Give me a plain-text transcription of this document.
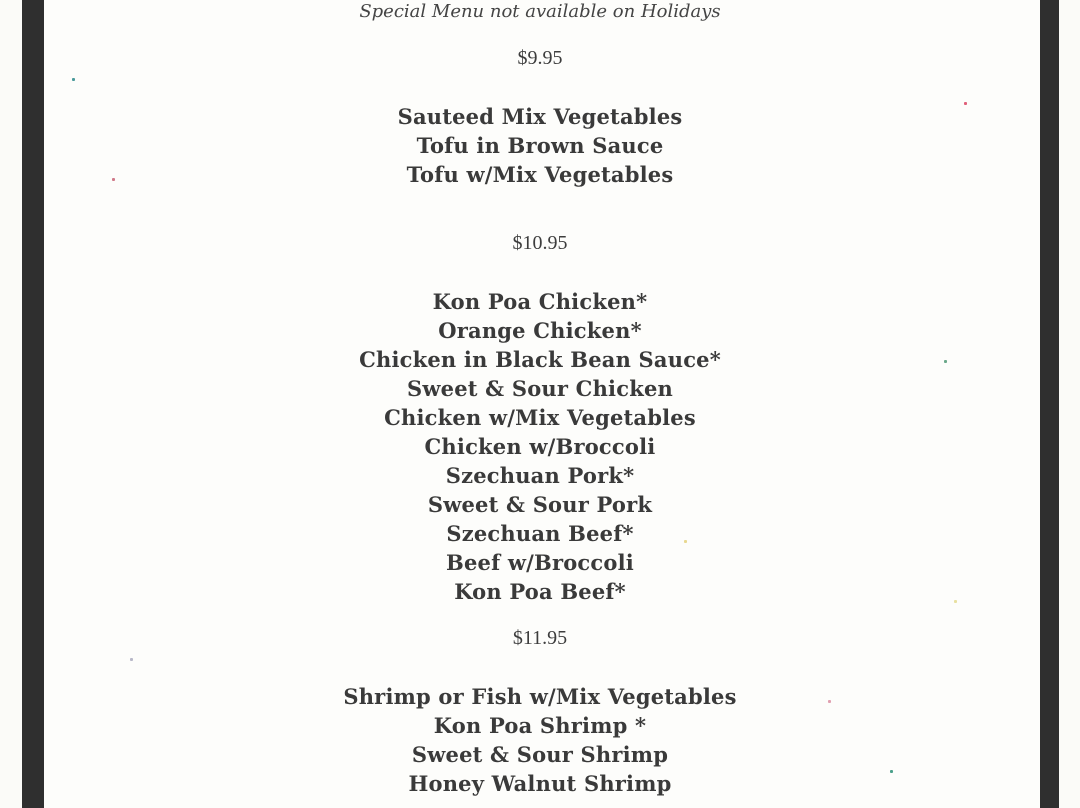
Special Menu not available on Holidays
$9.95
Sauteed Mix Vegetables
Tofu in Brown Sauce
Tofu w/Mix Vegetables
$10.95
Kon Poa Chicken*
Orange Chicken*
Chicken in Black Bean Sauce*
Sweet & Sour Chicken
Chicken w/Mix Vegetables
Chicken w/Broccoli
Szechuan Pork*
Sweet & Sour Pork
Szechuan Beef*
Beef w/Broccoli
Kon Poa Beef*
$11.95
Shrimp or Fish w/Mix Vegetables
Kon Poa Shrimp *
Sweet & Sour Shrimp
Honey Walnut Shrimp
